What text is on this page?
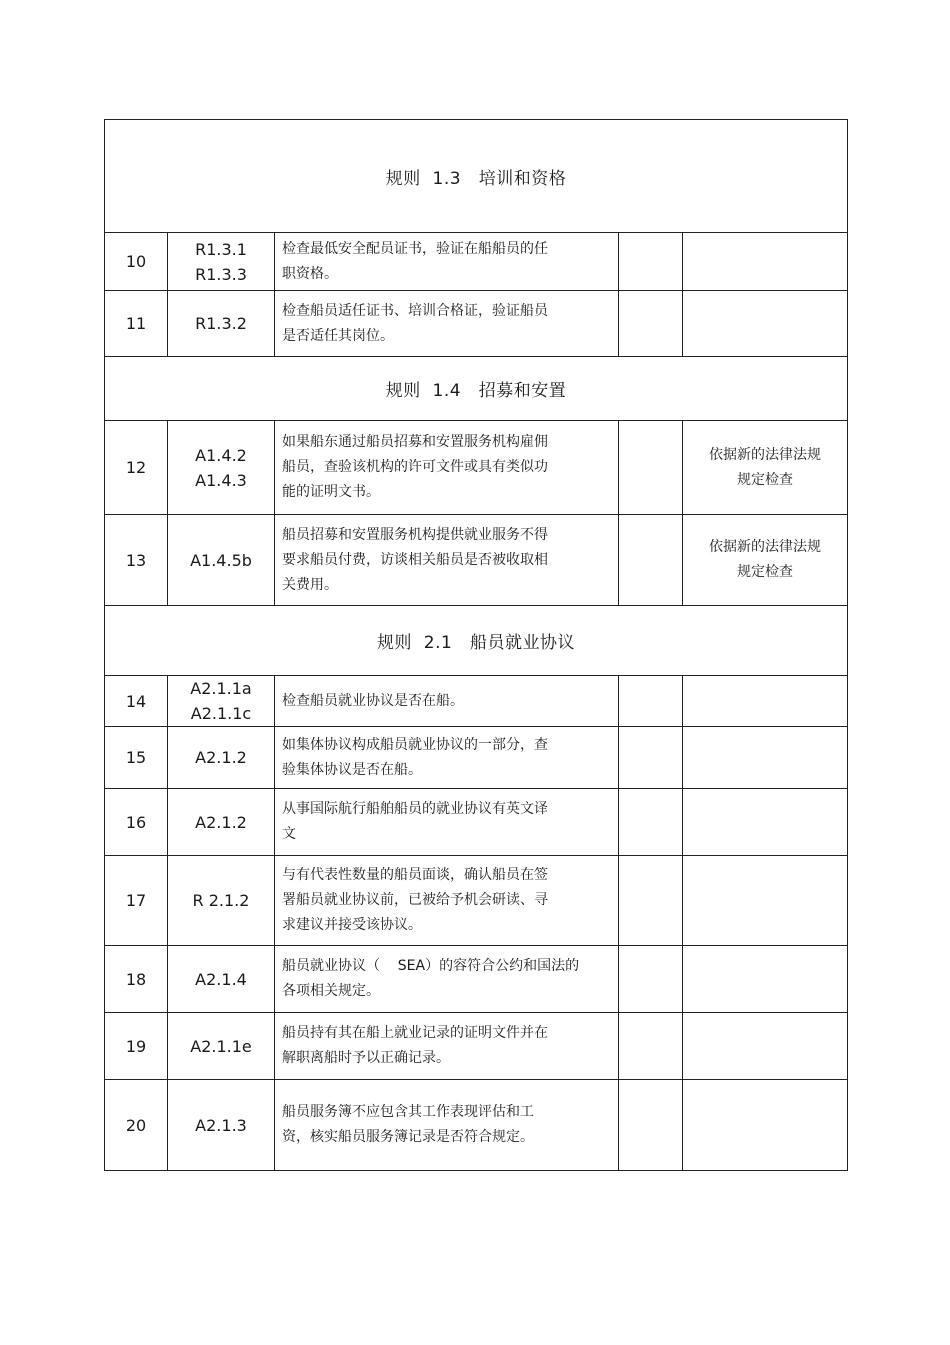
规则  1.3   培训和资格				
10	R1.3.1
R1.3.3	检查最低安全配员证书，验证在船船员的任
职资格。		

11	R1.3.2	检查船员适任证书、培训合格证，验证船员
是否适任其岗位。		

规则  1.4   招募和安置				
12	A1.4.2
A1.4.3	如果船东通过船员招募和安置服务机构雇佣
船员，查验该机构的许可文件或具有类似功
能的证明文书。		依据新的法律法规
规定检查

13	A1.4.5b	船员招募和安置服务机构提供就业服务不得
要求船员付费，访谈相关船员是否被收取相
关费用。		依据新的法律法规
规定检查

规则  2.1   船员就业协议				
14	A2.1.1a
A2.1.1c	检查船员就业协议是否在船。		

15	A2.1.2	如集体协议构成船员就业协议的一部分，查
验集体协议是否在船。		

16	A2.1.2	从事国际航行船舶船员的就业协议有英文译
文		

17	R 2.1.2	与有代表性数量的船员面谈，确认船员在签
署船员就业协议前，已被给予机会研读、寻
求建议并接受该协议。		

18	A2.1.4	船员就业协议（    SEA）的容符合公约和国法的
各项相关规定。		

19	A2.1.1e	船员持有其在船上就业记录的证明文件并在
解职离船时予以正确记录。		

20	A2.1.3	船员服务簿不应包含其工作表现评估和工
资，核实船员服务簿记录是否符合规定。		
